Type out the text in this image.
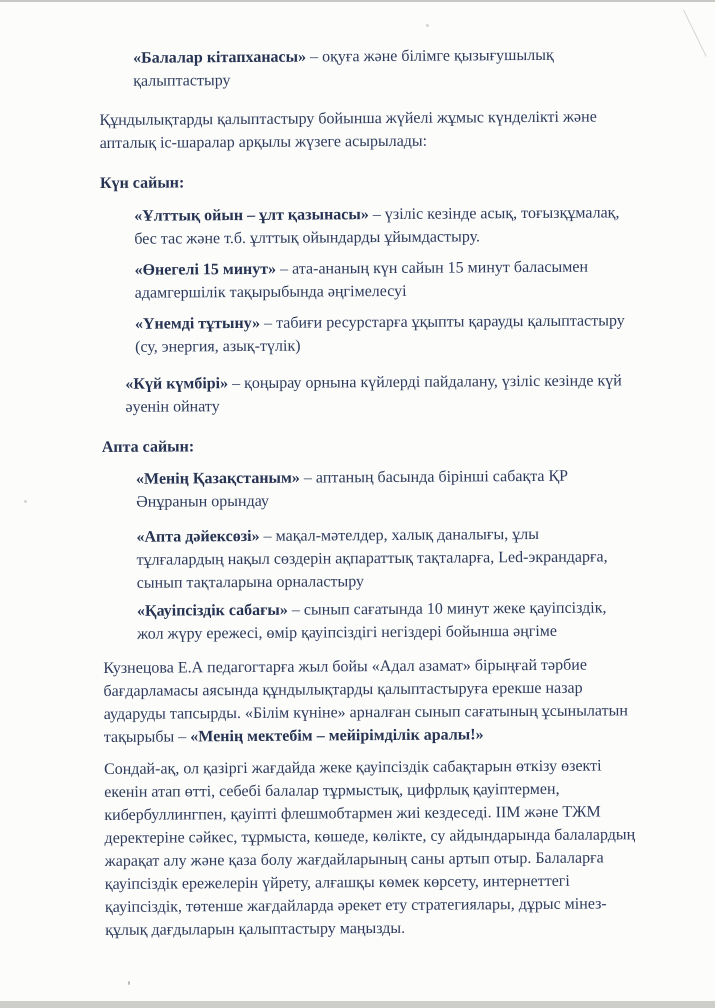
«Балалар кітапханасы» – оқуға және білімге қызығушылық
қалыптастыру

Құндылықтарды қалыптастыру бойынша жүйелі жұмыс күнделікті және
апталық іс-шаралар арқылы жүзеге асырылады:

Күн сайын:

«Ұлттық ойын – ұлт қазынасы» – үзіліс кезінде асық, тоғызқұмалақ,
бес тас және т.б. ұлттық ойындарды ұйымдастыру.

«Өнегелі 15 минут» – ата-ананың күн сайын 15 минут баласымен
адамгершілік тақырыбында әңгімелесуі

«Үнемді тұтыну» – табиғи ресурстарға ұқыпты қарауды қалыптастыру
(су, энергия, азық-түлік)

«Күй күмбірі» – қоңырау орнына күйлерді пайдалану, үзіліс кезінде күй
әуенін ойнату

Апта сайын:

«Менің Қазақстаным» – аптаның басында бірінші сабақта ҚР
Әнұранын орындау

«Апта дәйексөзі» – мақал-мәтелдер, халық даналығы, ұлы
тұлғалардың нақыл сөздерін ақпараттық тақталарға, Led-экрандарға,
сынып тақталарына орналастыру

«Қауіпсіздік сабағы» – сынып сағатында 10 минут жеке қауіпсіздік,
жол жүру ережесі, өмір қауіпсіздігі негіздері бойынша әңгіме

Кузнецова Е.А педагогтарға жыл бойы «Адал азамат» бірыңғай тәрбие
бағдарламасы аясында құндылықтарды қалыптастыруға ерекше назар
аударуды тапсырды. «Білім күніне» арналған сынып сағатының ұсынылатын
тақырыбы – «Менің мектебім – мейірімділік аралы!»

Сондай-ақ, ол қазіргі жағдайда жеке қауіпсіздік сабақтарын өткізу өзекті
екенін атап өтті, себебі балалар тұрмыстық, цифрлық қауіптермен,
кибербуллингпен, қауіпті флешмобтармен жиі кездеседі. ІІМ және ТЖМ
деректеріне сәйкес, тұрмыста, көшеде, көлікте, су айдындарында балалардың
жарақат алу және қаза болу жағдайларының саны артып отыр. Балаларға
қауіпсіздік ережелерін үйрету, алғашқы көмек көрсету, интернеттегі
қауіпсіздік, төтенше жағдайларда әрекет ету стратегиялары, дұрыс мінез-
құлық дағдыларын қалыптастыру маңызды.
